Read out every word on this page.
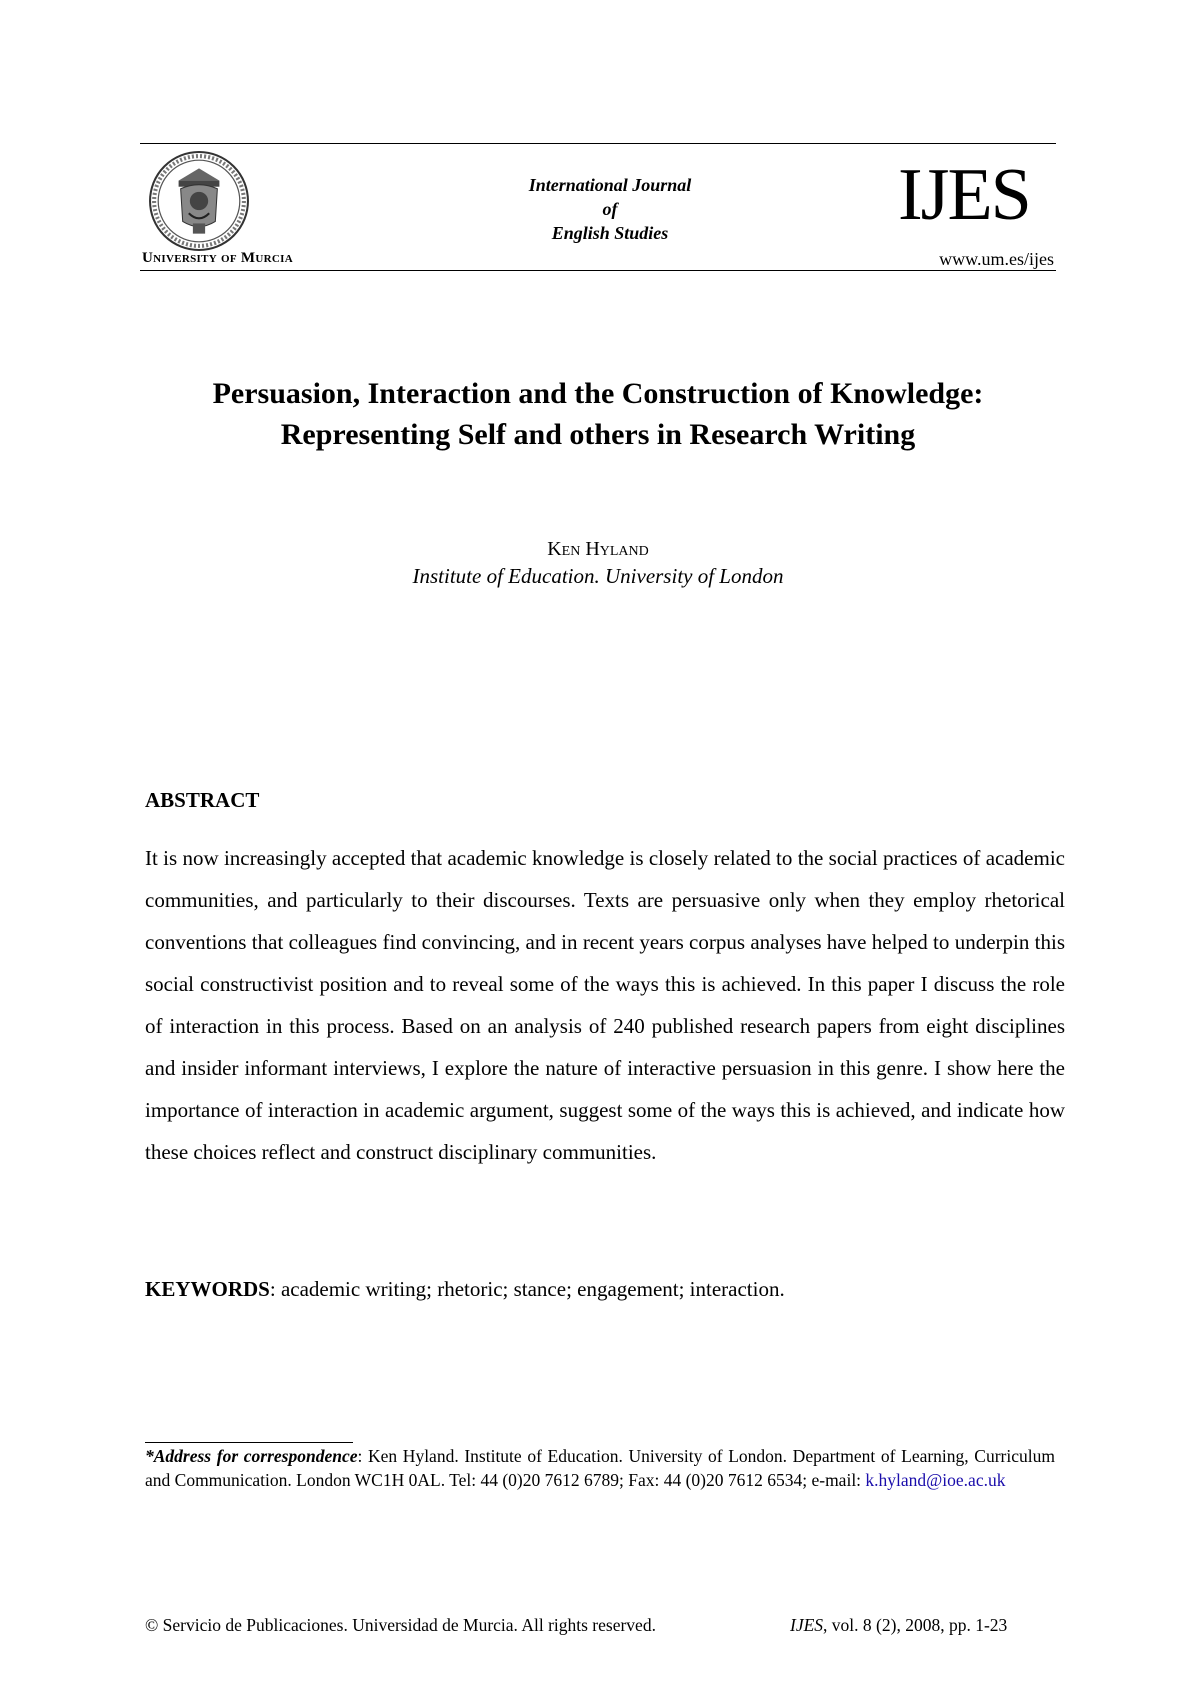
University of Murcia
International Journal
of
English Studies	IJES
www.um.es/ijes
Persuasion, Interaction and the Construction of Knowledge:
Representing Self and others in Research Writing
Ken Hyland
Institute of Education. University of London
ABSTRACT
It is now increasingly accepted that academic knowledge is closely related to the social practices of academic communities, and particularly to their discourses. Texts are persuasive only when they employ rhetorical conventions that colleagues find convincing, and in recent years corpus analyses have helped to underpin this social constructivist position and to reveal some of the ways this is achieved. In this paper I discuss the role of interaction in this process. Based on an analysis of 240 published research papers from eight disciplines and insider informant interviews, I explore the nature of interactive persuasion in this genre. I show here the importance of interaction in academic argument, suggest some of the ways this is achieved, and indicate how these choices reflect and construct disciplinary communities.
KEYWORDS: academic writing; rhetoric; stance; engagement; interaction.
*Address for correspondence: Ken Hyland. Institute of Education. University of London. Department of Learning, Curriculum and Communication. London WC1H 0AL. Tel: 44 (0)20 7612 6789; Fax: 44 (0)20 7612 6534; e-mail: k.hyland@ioe.ac.uk
© Servicio de Publicaciones. Universidad de Murcia. All rights reserved.	IJES, vol. 8 (2), 2008, pp. 1-23
